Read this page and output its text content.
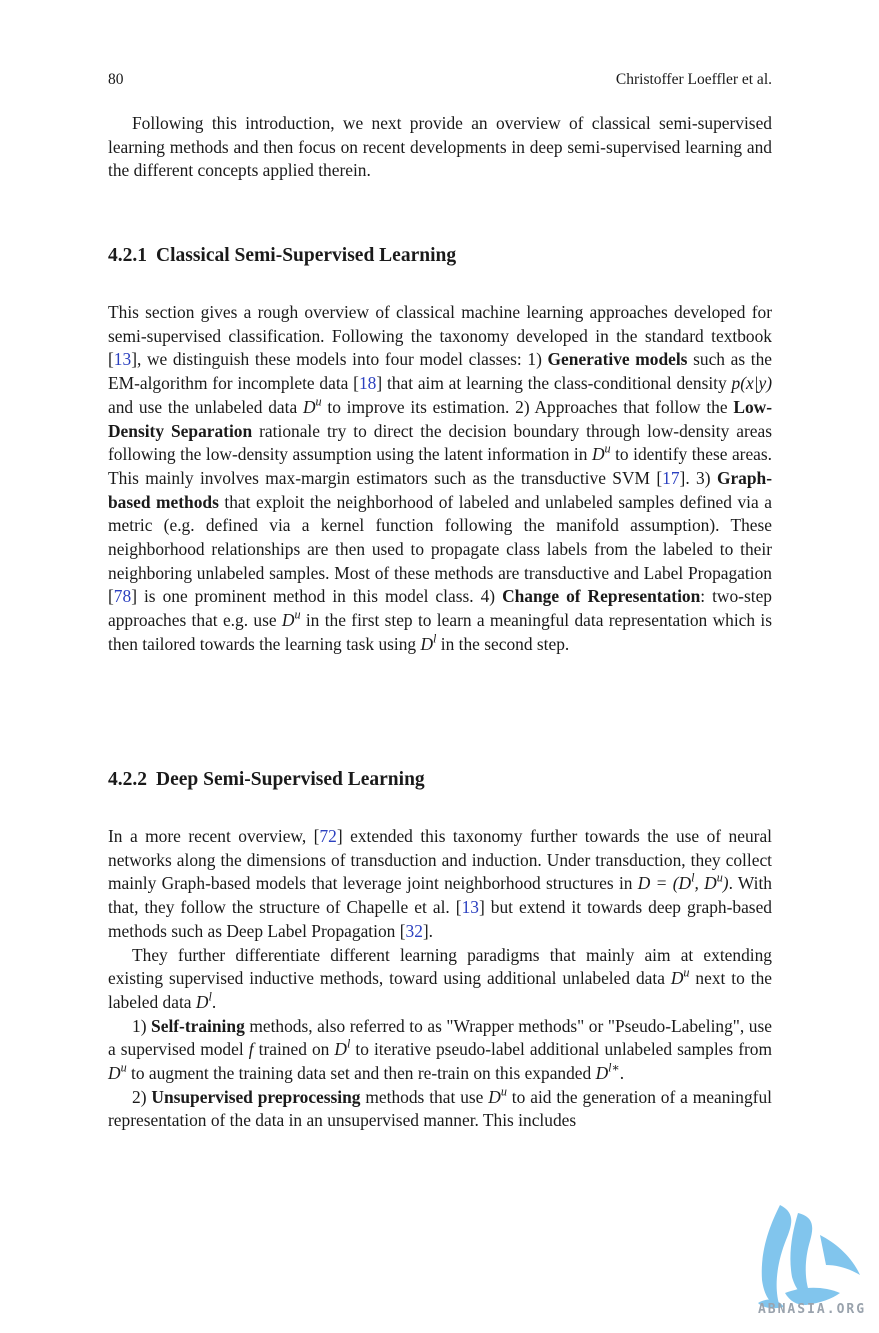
80	Christoffer Loeffler et al.

Following this introduction, we next provide an overview of classical semi-supervised learning methods and then focus on recent developments in deep semi-supervised learning and the different concepts applied therein.

4.2.1 Classical Semi-Supervised Learning

This section gives a rough overview of classical machine learning approaches developed for semi-supervised classification. Following the taxonomy developed in the standard textbook [13], we distinguish these models into four model classes: 1) Generative models such as the EM-algorithm for incomplete data [18] that aim at learning the class-conditional density p(x|y) and use the unlabeled data $D^u$ to improve its estimation. 2) Approaches that follow the Low-Density Separation rationale try to direct the decision boundary through low-density areas following the low-density assumption using the latent information in $D^u$ to identify these areas. This mainly involves max-margin estimators such as the transductive SVM [17]. 3) Graph-based methods that exploit the neighborhood of labeled and unlabeled samples defined via a metric (e.g. defined via a kernel function following the manifold assumption). These neighborhood relationships are then used to propagate class labels from the labeled to their neighboring unlabeled samples. Most of these methods are transductive and Label Propagation [78] is one prominent method in this model class. 4) Change of Representation: two-step approaches that e.g. use $D^u$ in the first step to learn a meaningful data representation which is then tailored towards the learning task using $D^l$ in the second step.

4.2.2 Deep Semi-Supervised Learning

In a more recent overview, [72] extended this taxonomy further towards the use of neural networks along the dimensions of transduction and induction. Under transduction, they collect mainly Graph-based models that leverage joint neighborhood structures in $D = (D^l$, $D^u$). With that, they follow the structure of Chapelle et al. [13] but extend it towards deep graph-based methods such as Deep Label Propagation [32].

They further differentiate different learning paradigms that mainly aim at extending existing supervised inductive methods, toward using additional unlabeled data $D^u$ next to the labeled data $D^l$.

1) Self-training methods, also referred to as "Wrapper methods" or "Pseudo-Labeling", use a supervised model f trained on $D^l$ to iterative pseudo-label additional unlabeled samples from $D^u$ to augment the training data set and then re-train on this expanded $D^{l∗}$.

2) Unsupervised preprocessing methods that use $D^u$ to aid the generation of a meaningful representation of the data in an unsupervised manner. This includes

ABNASIA.ORG
